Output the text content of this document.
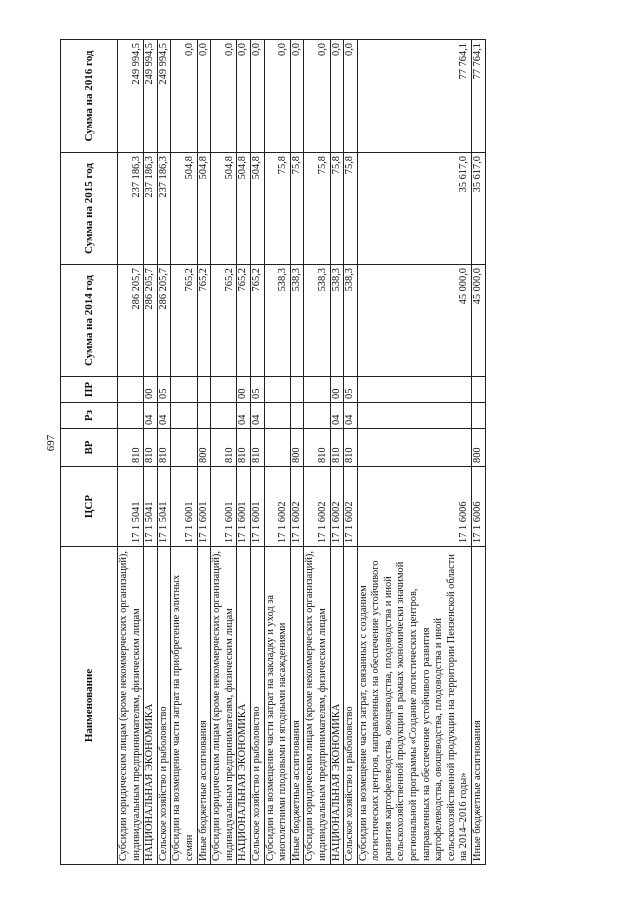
697
Наименование	ЦСР	ВР	Рз	ПР	Сумма на 2014 год	Сумма на 2015 год	Сумма на 2016 год
Субсидии юридическим лицам (кроме некоммерческих организаций), индивидуальным предпринимателям, физическим лицам	17 1 5041	810			286 205,7	237 186,3	249 994,5
НАЦИОНАЛЬНАЯ ЭКОНОМИКА	17 1 5041	810	04	00	286 205,7	237 186,3	249 994,5
Сельское хозяйство и рыболовство	17 1 5041	810	04	05	286 205,7	237 186,3	249 994,5
Субсидии на возмещение части затрат на приобретение элитных семян	17 1 6001				765,2	504,8	0,0
Иные бюджетные ассигнования	17 1 6001	800			765,2	504,8	0,0
Субсидии юридическим лицам (кроме некоммерческих организаций), индивидуальным предпринимателям, физическим лицам	17 1 6001	810			765,2	504,8	0,0
НАЦИОНАЛЬНАЯ ЭКОНОМИКА	17 1 6001	810	04	00	765,2	504,8	0,0
Сельское хозяйство и рыболовство	17 1 6001	810	04	05	765,2	504,8	0,0
Субсидии на возмещение части затрат на закладку и уход за многолетними плодовыми и ягодными насаждениями	17 1 6002				538,3	75,8	0,0
Иные бюджетные ассигнования	17 1 6002	800			538,3	75,8	0,0
Субсидии юридическим лицам (кроме некоммерческих организаций), индивидуальным предпринимателям, физическим лицам	17 1 6002	810			538,3	75,8	0,0
НАЦИОНАЛЬНАЯ ЭКОНОМИКА	17 1 6002	810	04	00	538,3	75,8	0,0
Сельское хозяйство и рыболовство	17 1 6002	810	04	05	538,3	75,8	0,0
Субсидии на возмещение части затрат, связанных с созданием логистических центров, направленных на обеспечение устойчивого развития картофелеводства, овощеводства, плодоводства и иной сельскохозяйственной продукции в рамках экономически значимой региональной программы «Создание логистических центров, направленных на обеспечение устойчивого развития картофелеводства, овощеводства, плодоводства и иной сельскохозяйственной продукции на территории Пензенской области на 2014–2016 годы»	17 1 6006				45 000,0	35 617,0	77 764,1
Иные бюджетные ассигнования	17 1 6006	800			45 000,0	35 617,0	77 764,1
